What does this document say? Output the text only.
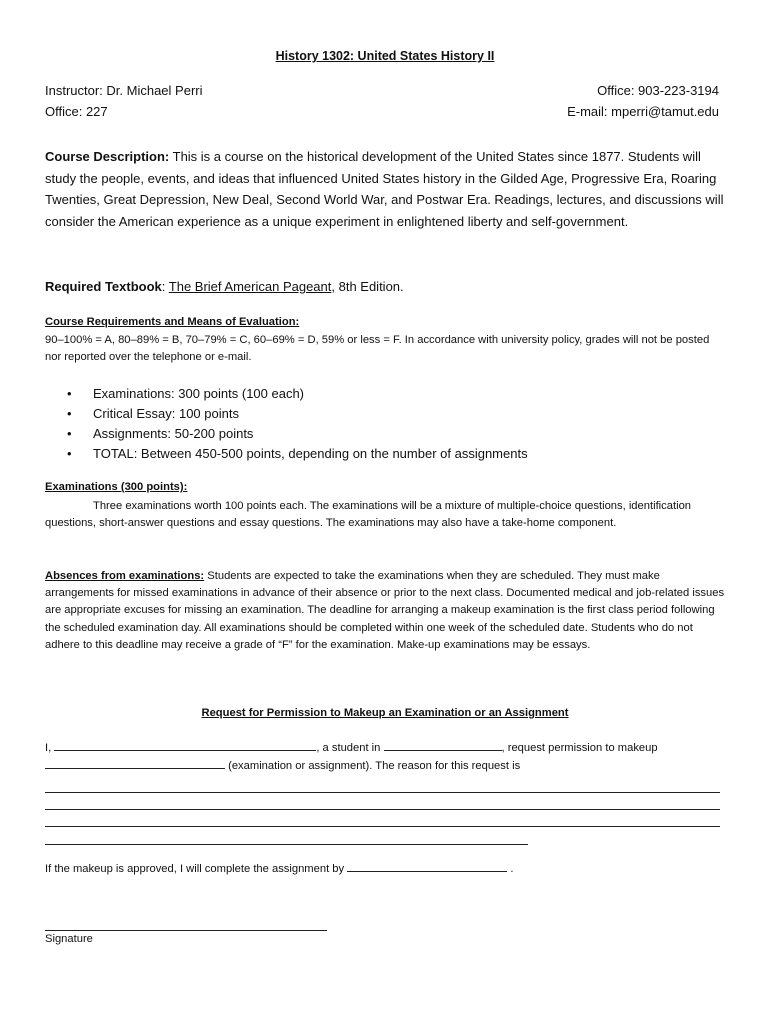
History 1302: United States History II
Instructor: Dr. Michael Perri
Office: 227
Office: 903-223-3194
E-mail: mperri@tamut.edu
Course Description: This is a course on the historical development of the United States since 1877. Students will study the people, events, and ideas that influenced United States history in the Gilded Age, Progressive Era, Roaring Twenties, Great Depression, New Deal, Second World War, and Postwar Era. Readings, lectures, and discussions will consider the American experience as a unique experiment in enlightened liberty and self-government.
Required Textbook: The Brief American Pageant, 8th Edition.
Course Requirements and Means of Evaluation:
90–100% = A, 80–89% = B, 70–79% = C, 60–69% = D, 59% or less = F. In accordance with university policy, grades will not be posted nor reported over the telephone or e-mail.
• Examinations: 300 points (100 each)
• Critical Essay: 100 points
• Assignments: 50-200 points
• TOTAL: Between 450-500 points, depending on the number of assignments
Examinations (300 points):
Three examinations worth 100 points each. The examinations will be a mixture of multiple-choice questions, identification questions, short-answer questions and essay questions. The examinations may also have a take-home component.
Absences from examinations: Students are expected to take the examinations when they are scheduled. They must make arrangements for missed examinations in advance of their absence or prior to the next class. Documented medical and job-related issues are appropriate excuses for missing an examination. The deadline for arranging a makeup examination is the first class period following the scheduled examination day. All examinations should be completed within one week of the scheduled date. Students who do not adhere to this deadline may receive a grade of “F” for the examination. Make-up examinations may be essays.
Request for Permission to Makeup an Examination or an Assignment
I,	, a student in	, request permission to makeup
(examination or assignment). The reason for this request is
If the makeup is approved, I will complete the assignment by	.
Signature
